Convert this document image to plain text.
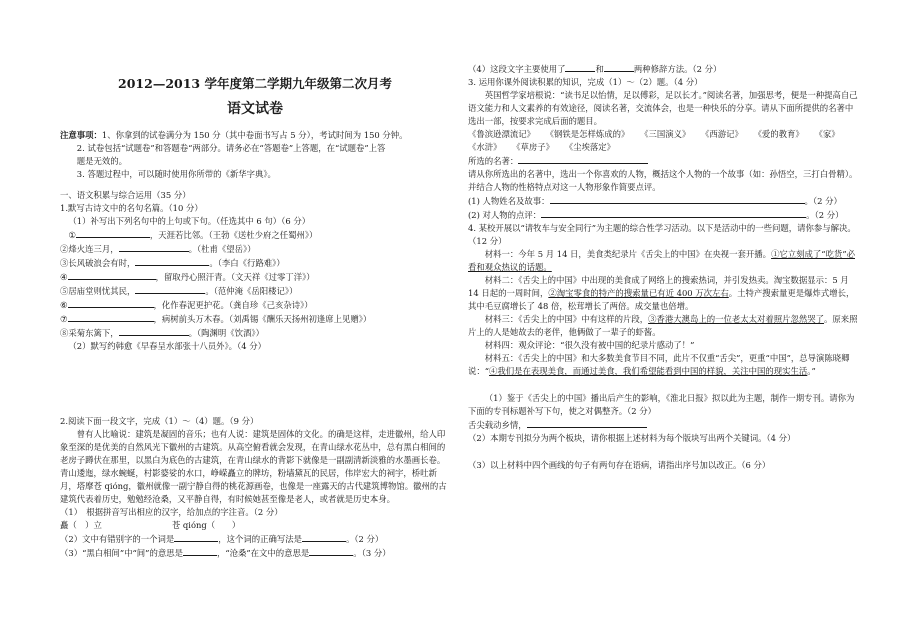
2012—2013 学年度第二学期九年级第二次月考
语文试卷

注意事项：1、你拿到的试卷满分为 150 分（其中卷面书写占 5 分），考试时间为 150 分钟。

2. 试卷包括“试题卷”和答题卷“两部分。请务必在“答题卷”上答题，在“试题卷”上答

题是无效的。

3. 答题过程中，可以随时使用你所带的《新华字典》。

一、语文积累与综合运用（35 分）

1.默写古诗文中的名句名篇。（10 分）

（1）补写出下列名句中的上句或下句。（任选其中 6 句）（6 分）

①	，天涯若比邻。（王勃《送杜少府之任蜀州》）

②烽火连三月，	。（杜甫《望岳》）

③长风破浪会有时，	。（李白《行路难》）

④	，留取丹心照汗青。（文天祥《过零丁洋》）

⑤居庙堂则忧其民，	。（范仲淹《岳阳楼记》）

⑥	，化作春泥更护花。（龚自珍《己亥杂诗》）

⑦	，病树前头万木春。（刘禹锡《酬乐天扬州初逢席上见赠》）

⑧采菊东篱下，	。（陶渊明《饮酒》）

（2）默写约韩愈《早春呈水部张十八员外》。（4 分）

2.阅读下面一段文字，完成（1）～（4）题。（9 分）

曾有人比喻说：建筑是凝固的音乐；也有人说：建筑是固体的文化。的确是这样，走进徽州，给人印象至深的是优美的自然风光下徽州的古建筑。从高空俯看就会发现，在青山绿水花丛中，总有黑白相间的老房子蹲伏在那里，以黑白为底色的古建筑，在青山绿水的背影下就像是一副副清新淡雅的水墨画长卷。青山逶迤，绿水蜿蜒，村影婆娑的水口，峥嵘矗立的牌坊，粉墙黛瓦的民居，伟岸宏大的祠宇，桥吐新月，塔摩苍 qióng，徽州就像一副宁静自得的桃花源画卷，也像是一座露天的古代建筑博物馆。徽州的古建筑代表着历史，勉勉经沧桑，又平静自得，有时候她甚至像是老人，或者就是历史本身。

（1）　根据拼音写出相应的汉字，给加点的字注音。（2 分）

矗（　）立	苍 qióng（　　）

（2）文中有错别字的一个词是	，这个词的正确写法是	。（2 分）

（3）“黑白相间”中“间”的意思是	，“沧桑”在文中的意思是	。（3 分）

（4）这段文字主要使用了	和	两种修辞方法。（2 分）

3. 运用你课外阅读积累的知识，完成（1）～（2）题。（4 分）

英国哲学家培根说：“读书足以怡情，足以傅彩，足以长才。”阅读名著，加强思考，便是一种提高自己语文能力和人文素养的有效途径，阅读名著，交流体会，也是一种快乐的分享。请从下面所提供的名著中选出一部，按要求完成后面的题目。

《鲁滨逊漂流记》 《钢铁是怎样炼成的》 《三国演义》 《西游记》 《爱的教育》 《家》 《水浒》 《草房子》 《尘埃落定》

所选的名著：

请从你所选出的名著中，选出一个你喜欢的人物，概括这个人物的一个故事（如：孙悟空，三打白骨精）。并结合人物的性格特点对这一人物形象作简要点评。

(1) 人物姓名及故事：	。（2 分）

(2) 对人物的点评：	。（2 分）

4. 某校开展以“请牧车与安全同行”为主题的综合性学习活动。以下是活动中的一些问题，请你参与解决。（12 分）

材料一：今年 5 月 14 日，美食类纪录片《舌尖上的中国》在央视一套开播。①它立刻成了“吃货”必看和观众热议的话题。

材料二：《舌尖上的中国》中出现的美食成了网络上的搜索热词，并引发热卖。淘宝数据显示：5 月 14 日起的一周时间，②淘宝零食的特产的搜索量已有近 400 万次左右。土特产搜索量更是爆炸式增长，其中毛豆腐增长了 48 倍，松茸增长了两倍。成交量也倍增。

材料三：《舌尖上的中国》中有这样的片段，③香港大澳岛上的一位老太太对着照片忽然哭了。原来照片上的人是她故去的老伴，他俩做了一辈子的虾酱。

材料四：观众评论：“很久没有被中国的纪录片感动了！”

材料五：《舌尖上的中国》和大多数美食节目不同，此片不仅重“舌尖”，更重“中国”，总导演陈晓卿说：“④我们是在表现美食，而通过美食，我们希望能看到中国的样貌，关注中国的现实生活。”

（1）鉴于《舌尖上的中国》播出后产生的影响，《淮北日报》拟以此为主题，制作一期专刊。请你为下面的专刊标题补写下句，使之对偶整齐。（2 分）

舌尖载动乡情，

（2）本期专刊拟分为两个板块，请你根据上述材料为每个版块写出两个关键词。（4 分）

（3）以上材料中四个画线的句子有两句存在语病，请指出序号加以改正。（6 分）
